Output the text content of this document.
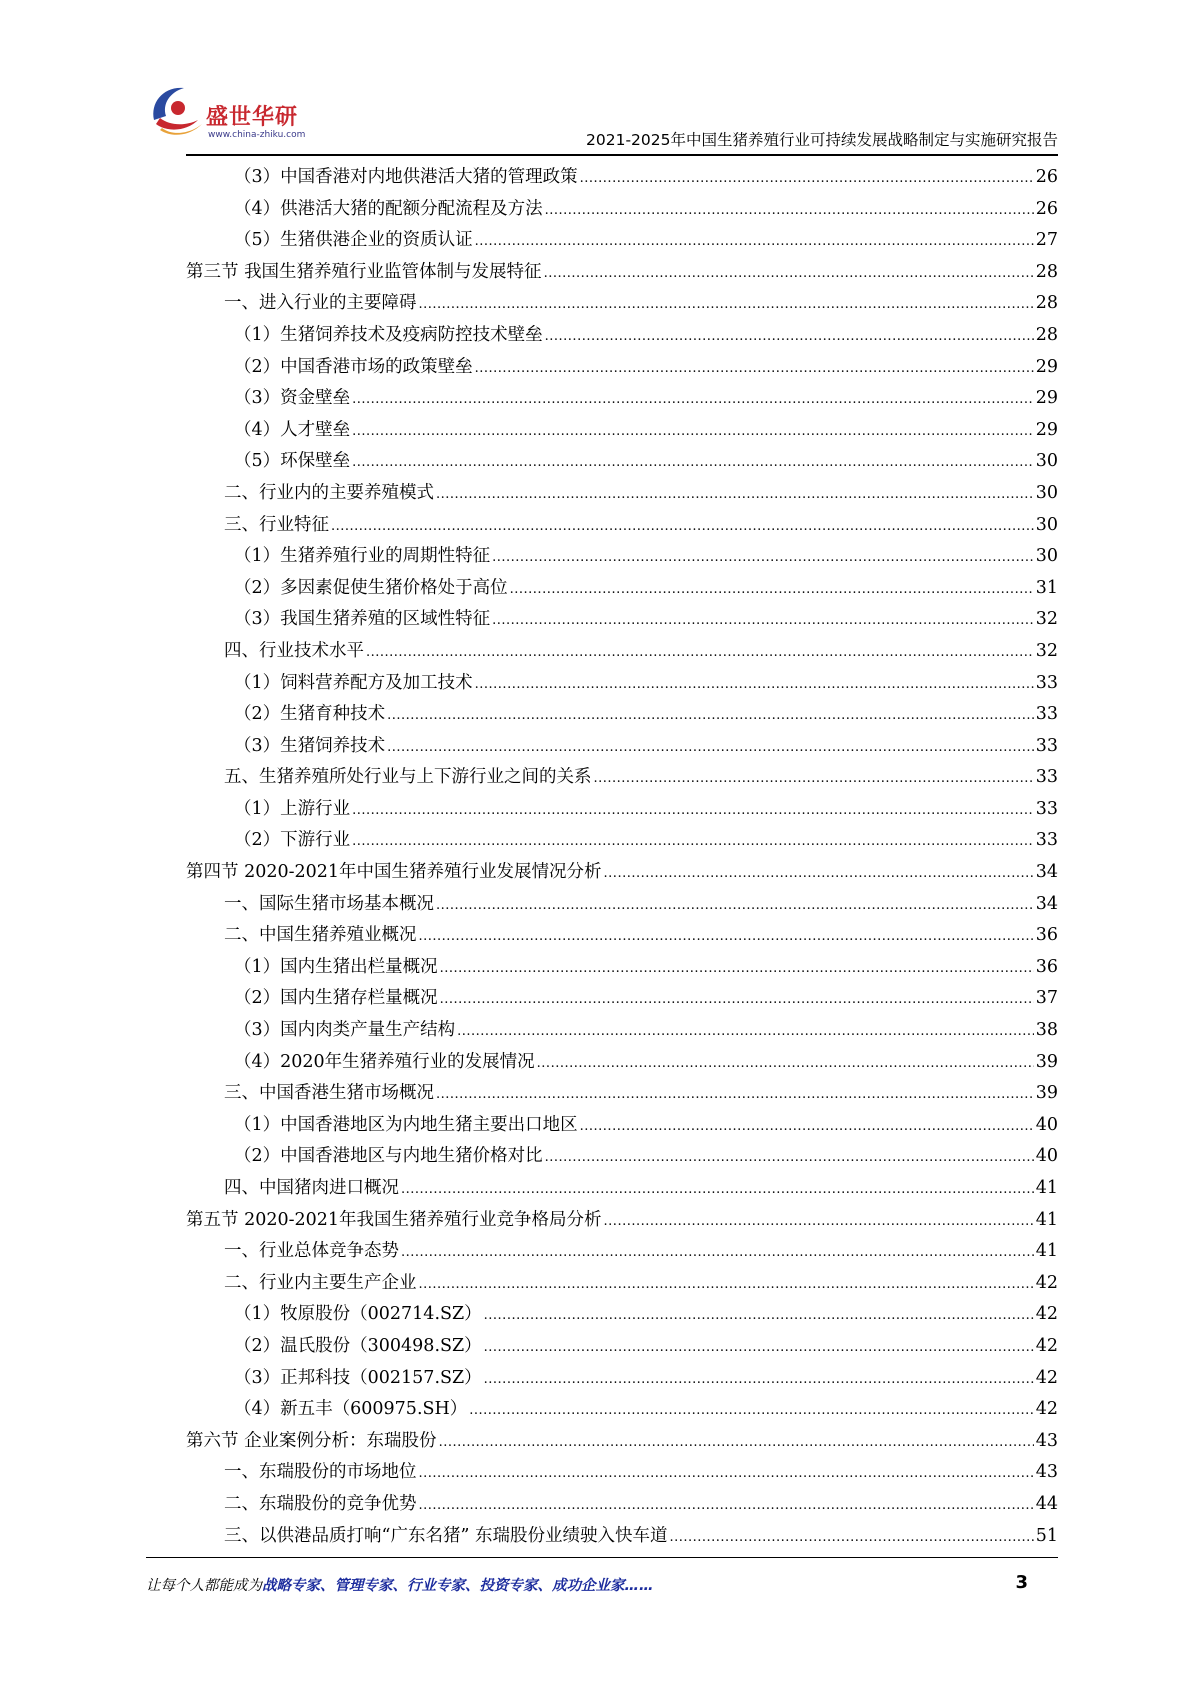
盛世华研
www.china-zhiku.com	2021-2025年中国生猪养殖行业可持续发展战略制定与实施研究报告
（3）中国香港对内地供港活大猪的管理政策 .....	26
（4）供港活大猪的配额分配流程及方法 .....	26
（5）生猪供港企业的资质认证 .....	27
第三节 我国生猪养殖行业监管体制与发展特征 .....	28
一、进入行业的主要障碍 .....	28
（1）生猪饲养技术及疫病防控技术壁垒 .....	28
（2）中国香港市场的政策壁垒 .....	29
（3）资金壁垒 .....	29
（4）人才壁垒 .....	29
（5）环保壁垒 .....	30
二、行业内的主要养殖模式 .....	30
三、行业特征 .....	30
（1）生猪养殖行业的周期性特征 .....	30
（2）多因素促使生猪价格处于高位 .....	31
（3）我国生猪养殖的区域性特征 .....	32
四、行业技术水平 .....	32
（1）饲料营养配方及加工技术 .....	33
（2）生猪育种技术 .....	33
（3）生猪饲养技术 .....	33
五、生猪养殖所处行业与上下游行业之间的关系 .....	33
（1）上游行业 .....	33
（2）下游行业 .....	33
第四节 2020-2021年中国生猪养殖行业发展情况分析 .....	34
一、国际生猪市场基本概况 .....	34
二、中国生猪养殖业概况 .....	36
（1）国内生猪出栏量概况 .....	36
（2）国内生猪存栏量概况 .....	37
（3）国内肉类产量生产结构 .....	38
（4）2020年生猪养殖行业的发展情况 .....	39
三、中国香港生猪市场概况 .....	39
（1）中国香港地区为内地生猪主要出口地区 .....	40
（2）中国香港地区与内地生猪价格对比 .....	40
四、中国猪肉进口概况 .....	41
第五节 2020-2021年我国生猪养殖行业竞争格局分析 .....	41
一、行业总体竞争态势 .....	41
二、行业内主要生产企业 .....	42
（1）牧原股份（002714.SZ） .....	42
（2）温氏股份（300498.SZ） .....	42
（3）正邦科技（002157.SZ） .....	42
（4）新五丰（600975.SH） .....	42
第六节 企业案例分析：东瑞股份 .....	43
一、东瑞股份的市场地位 .....	43
二、东瑞股份的竞争优势 .....	44
三、以供港品质打响“广东名猪” 东瑞股份业绩驶入快车道 .....	51
让每个人都能成为战略专家、管理专家、行业专家、投资专家、成功企业家……	3
